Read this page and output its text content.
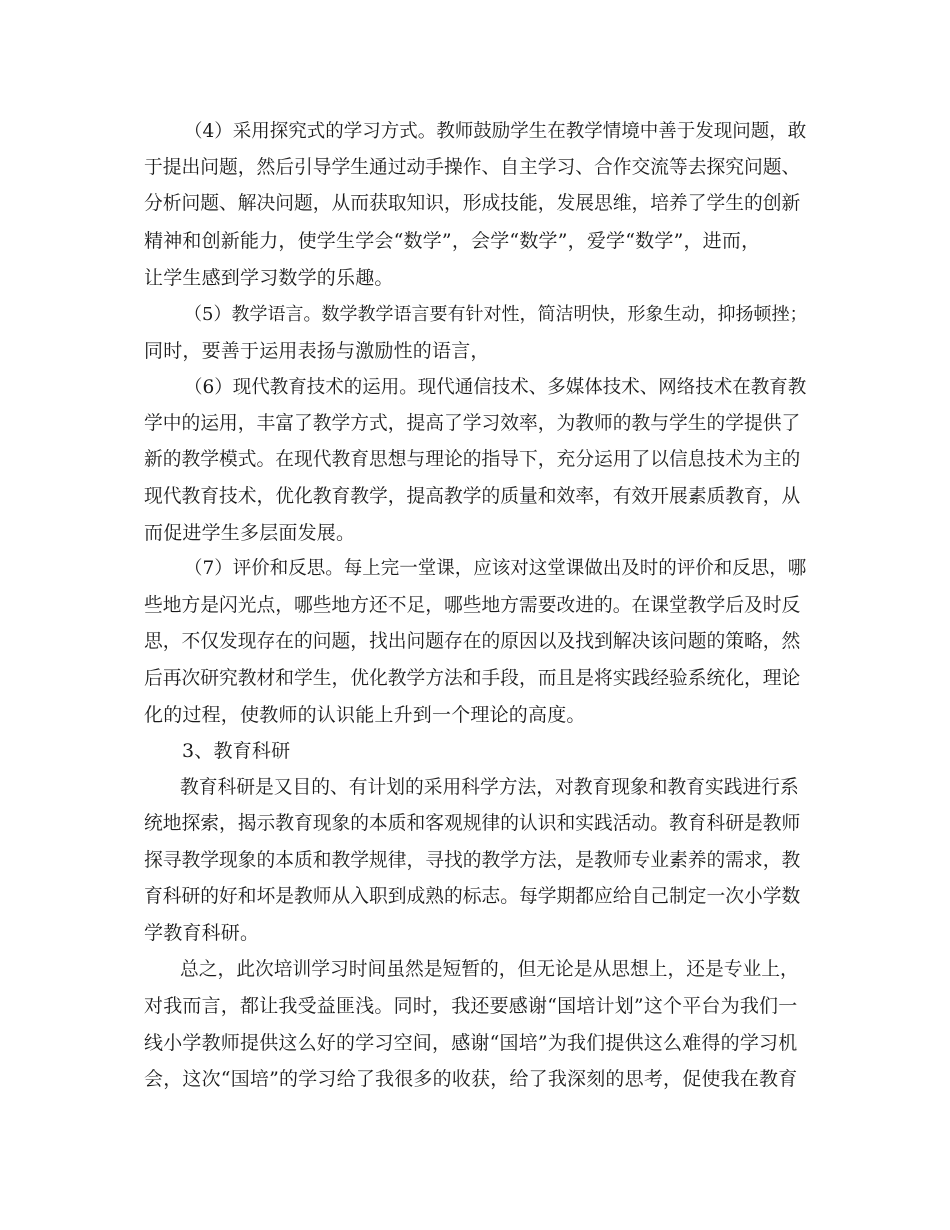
（4）采用探究式的学习方式。教师鼓励学生在教学情境中善于发现问题，敢
于提出问题，然后引导学生通过动手操作、自主学习、合作交流等去探究问题、
分析问题、解决问题，从而获取知识，形成技能，发展思维，培养了学生的创新
精神和创新能力，使学生学会“数学”，会学“数学”，爱学“数学”，进而，
让学生感到学习数学的乐趣。
（5）教学语言。数学教学语言要有针对性，简洁明快，形象生动，抑扬顿挫；
同时，要善于运用表扬与激励性的语言，
（6）现代教育技术的运用。现代通信技术、多媒体技术、网络技术在教育教
学中的运用，丰富了教学方式，提高了学习效率，为教师的教与学生的学提供了
新的教学模式。在现代教育思想与理论的指导下，充分运用了以信息技术为主的
现代教育技术，优化教育教学，提高教学的质量和效率，有效开展素质教育，从
而促进学生多层面发展。
（7）评价和反思。每上完一堂课，应该对这堂课做出及时的评价和反思，哪
些地方是闪光点，哪些地方还不足，哪些地方需要改进的。在课堂教学后及时反
思，不仅发现存在的问题，找出问题存在的原因以及找到解决该问题的策略，然
后再次研究教材和学生，优化教学方法和手段，而且是将实践经验系统化，理论
化的过程，使教师的认识能上升到一个理论的高度。
3、教育科研
教育科研是又目的、有计划的采用科学方法，对教育现象和教育实践进行系
统地探索，揭示教育现象的本质和客观规律的认识和实践活动。教育科研是教师
探寻教学现象的本质和教学规律，寻找的教学方法，是教师专业素养的需求，教
育科研的好和坏是教师从入职到成熟的标志。每学期都应给自己制定一次小学数
学教育科研。
总之，此次培训学习时间虽然是短暂的，但无论是从思想上，还是专业上，
对我而言，都让我受益匪浅。同时，我还要感谢“国培计划”这个平台为我们一
线小学教师提供这么好的学习空间，感谢“国培”为我们提供这么难得的学习机
会，这次“国培”的学习给了我很多的收获，给了我深刻的思考，促使我在教育
